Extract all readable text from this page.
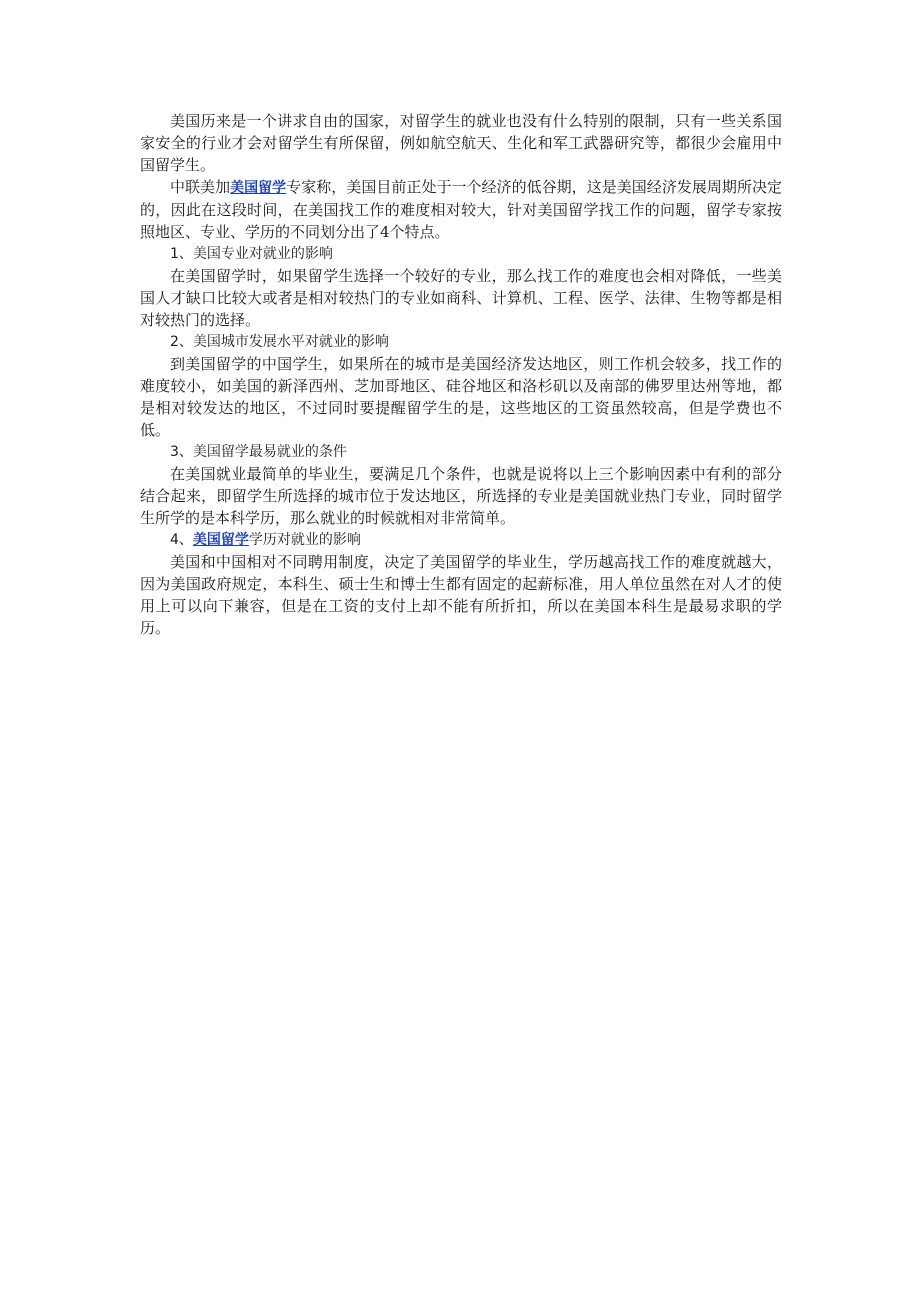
美国历来是一个讲求自由的国家，对留学生的就业也没有什么特别的限制，只有一些关系国家安全的行业才会对留学生有所保留，例如航空航天、生化和军工武器研究等，都很少会雇用中国留学生。

中联美加美国留学专家称，美国目前正处于一个经济的低谷期，这是美国经济发展周期所决定的，因此在这段时间，在美国找工作的难度相对较大，针对美国留学找工作的问题，留学专家按照地区、专业、学历的不同划分出了4个特点。

1、美国专业对就业的影响

在美国留学时，如果留学生选择一个较好的专业，那么找工作的难度也会相对降低，一些美国人才缺口比较大或者是相对较热门的专业如商科、计算机、工程、医学、法律、生物等都是相对较热门的选择。

2、美国城市发展水平对就业的影响

到美国留学的中国学生，如果所在的城市是美国经济发达地区，则工作机会较多，找工作的难度较小，如美国的新泽西州、芝加哥地区、硅谷地区和洛杉矶以及南部的佛罗里达州等地，都是相对较发达的地区，不过同时要提醒留学生的是，这些地区的工资虽然较高，但是学费也不低。

3、美国留学最易就业的条件

在美国就业最简单的毕业生，要满足几个条件，也就是说将以上三个影响因素中有利的部分结合起来，即留学生所选择的城市位于发达地区，所选择的专业是美国就业热门专业，同时留学生所学的是本科学历，那么就业的时候就相对非常简单。

4、美国留学学历对就业的影响

美国和中国相对不同聘用制度，决定了美国留学的毕业生，学历越高找工作的难度就越大，因为美国政府规定，本科生、硕士生和博士生都有固定的起薪标准，用人单位虽然在对人才的使用上可以向下兼容，但是在工资的支付上却不能有所折扣，所以在美国本科生是最易求职的学历。
